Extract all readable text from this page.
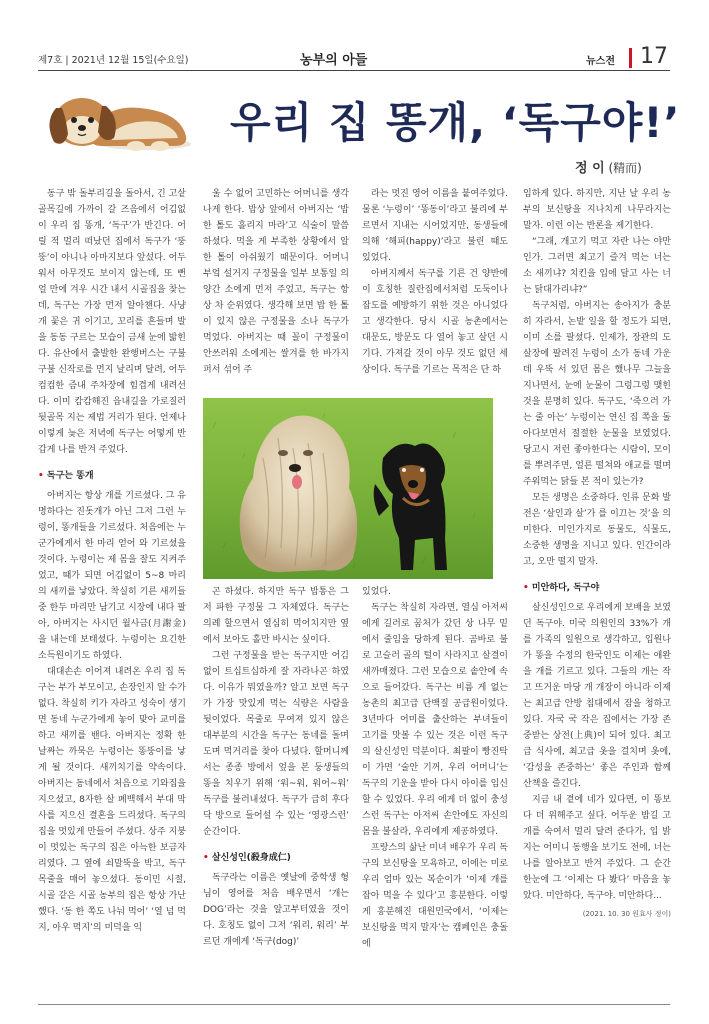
제7호 | 2021년 12월 15일(수요일)	농부의 아들	뉴스전 17
우리 집 똥개, ‘독구야!’
정 이 (精而)

동구 밖 돌부리길을 돌아서, 긴 고샅 골목길에 가까이 갈 즈음에서 어김없이 우리 집 똥개, ‘독구’가 반긴다. 어릴 적 멀리 떠났던 집에서 독구가 ‘뚱뚱’이 아니나 아마지보다 앞섰다. 어두워서 아무것도 보이지 않는데, 또 뻔 얼 만에 겨우 시간 내서 시골집을 찾는데, 독구는 가장 먼저 알아챈다. 사냥개 꽃은 귀 이기고, 꼬리를 흔들며 발을 동동 구르는 모습이 금새 눈에 밟힌다. 유산에서 출발한 완행버스는 구불구불 신작로를 먼지 날리며 달려, 어두컴컴한 즘내 주차장에 힘겹게 내려선다. 이미 캄캄해진 읍내길을 가로질러 뒷골목 지는 제법 거리가 된다. 언제나 이렇게 늦은 저녁에 독구는 어떻게 반갑게 나를 반겨 주었다.

• 독구는 똥개

아버지는 항상 개를 기르셨다. 그 유명하다는 진돗개가 아닌 그저 그런 누렁이, 똥개들을 기르셨다. 처음에는 누군가에게서 한 마리 얻어 와 기르셨을 것이다. 누렁이는 제 몸을 잘도 지켜주었고, 때가 되면 어김없이 5~8 마리의 새끼를 낳았다. 착실히 기른 새끼들 중 한두 마리만 남기고 시장에 내다 팔아, 아버지는 사시던 월사금(月謝金)을 내는데 보태셨다. 누렁이는 요긴한 소득원이기도 하였다.

대대손손 이어져 내려온 우리 집 독구는 부가 부모이고, 손장인지 알 수가 없다. 착실히 키가 자라고 성숙이 생기면 동네 누군가에게 놓이 맞아 교미를 하고 새끼를 밴다. 아버지는 정확 한 날짜는 까묵은 누렁이는 똥뚱이를 낳게 될 것이다. 새끼치기를 약속이다. 아버지는 동네에서 처음으로 기와집을 지으셨고, 8자한 살 폐백해서 부대 막사를 지으신 결혼을 드리셨다. 독구의 집을 멋있게 만들어 주셨다. 상주 지붕이 멋있는 독구의 집은 아늑한 보금자리였다. 그 옆에 쇠말뚝을 박고, 독구 목줄을 매어 놓으셨다. 동이민 시절, 시골 같은 시골 농부의 집은 항상 가난했다. ‘동 한 쪽도 나눠 먹어’ ‘열 넘 먹지, 아우 먹지’의 미덕을 익

울 수 없어 고민하는 어머니를 생각나게 한다. 밥상 앞에서 아버지는 ‘밥 한 톨도 흘리지 마라’고 식술이 말씀하셨다. 먹을 게 부족한 상황에서 알 한 톨이 아쉬웠기 때문이다. 어머니 부엌 설거지 구정물을 일부 보통일 의양간 소에게 먼저 주었고, 독구는 항상 차 순위였다. 생각해 보면 밥 한 톨이 있지 않은 구정물을 소나 독구가 먹었다. 아버지는 때 꼴이 구정물이 안쓰러워 소에게는 쌀겨를 한 바가지 퍼서 섞어 주

곤 하셨다. 하지만 독구 밥통은 그저 파한 구정물 그 자체였다. 독구는 의례 할으면서 열심히 먹어치지만 옆에서 보아도 홀만 바시는 싶이다.

그런 구정물을 받는 독구지만 어김없이 트십트십하게 잘 자라나곤 하였다. 이유가 뭐였을까? 알고 보면 독구가 가장 맛있게 먹는 식량은 사람을 뒷이었다. 목줄로 무여져 있지 않은 대부분의 시간을 독구는 동네를 돌며도며 먹거리를 찾아 다녔다. 할머니께서는 종종 방에서 엎을 본 둥생들의 똥을 치우기 위해 ‘워~워, 워어~워’ 독구를 불러내셨다. 독구가 급히 후다닥 방으로 들어설 수 있는 ‘영광스런’ 순간이다.

• 살신성인(殺身成仁)

독구라는 이름은 옛날에 중학생 형님이 영어를 처음 배우면서 ‘개는 DOG’라는 것을 알고부터였을 것이다. 호칭도 없이 그저 ‘워리, 워리’ 부르던 개에게 ‘독구(dog)’

라는 멋진 영어 이름을 붙여주었다. 물론 ‘누렁이’ ‘똥동이’라고 불리에 부르면서 지내는 시어었지만, 동생들에 의해 ‘해피(happy)’라고 불린 때도 있었다.

아버지께서 독구를 기른 건 양반에 이 호칭한 질란집에서처럼 도둑이나 잡도를 예방하기 위한 것은 아니었다고 생각한다. 당시 시골 농촌에서는 대문도, 방문도 다 열어 놓고 살던 시기다. 가져갈 것이 아무 것도 없던 세상이다. 독구를 기르는 목적은 단 하

있었다.

독구는 착실히 자라면, 열심 아저씨에게 길러로 꿈처가 갔던 상 나무 밑에서 줄임을 당하게 된다. 곰바로 불로 고슬러 골의 털이 사라지고 살결이 새까매졌다. 그런 모습으로 솥안에 속으로 들어갔다. 독구는 비름 게 없는 농촌의 최고급 단백질 공급원이었다. 3년마다 어미를 출산하는 부녀들이 고기를 맛볼 수 있는 것은 이런 독구의 살신성인 덕분이다. 최팔이 빵진탁이 가면 ‘술안 기꺼, 우리 어머니’는 독구의 기운을 받아 다시 아이를 임신할 수 있었다. 우리 에게 더 없이 충성스런 독구는 아저씨 손안에도 자신의 몸을 불살라, 우리에게 제공하였다.

프랑스의 삶난 미녀 배우가 우리 독구의 보신탕을 모욕하고, 이에는 미로 우리 엄마 있는 복순이가 ‘이제 개를 잡아 먹을 수 있다’고 흥분한다. 이렇게 흥분해진 대원민국에서, ‘이제는 보신탕을 먹지 말자’는 캠페인은 충돌에

임하게 있다. 하지만, 지난 날 우리 농부의 보신탕을 지나치게 나무라지는 말자. 이런 이는 반론을 제기한다.

“그래, 개고기 먹고 자란 나는 야만인가. 그러면 최고기 즐겨 먹는 너는 소 새끼냐? 치킨을 입에 달고 사는 너는 닭대가리냐?”

독구처럼, 아버지는 송아지가 충분히 자라서, 논밭 일을 할 정도가 되면, 이미 소를 팔셨다. 인제가, 장관의 도살장에 팔려진 누렁이 소가 동네 가운데 우뚝 서 있던 몸은 했나무 그늘을 지나면서, 눈에 눈물이 그렁그렁 맺힌 것을 분명히 있다. 독구도, ‘죽으러 가는 줄 아는’ 누렁이는 연신 집 쪽을 돌아다보면서 절절한 눈물을 보였었다. 당고시 저런 좋아한다는 시람이, 모이를 뿌려주면, 얼른 떨쳐와 애교를 떨며 주워먹는 닭들 본 적이 있는가?

모든 생명은 소중하다. 인류 문화 발전은 ‘살인과 살’가 를 이끄는 것’을 의미한다. 미인가지로 동물도, 식물도, 소중한 생명을 지니고 있다. 인간이라고, 오만 떨지 말자.

• 미안하다, 독구야

살신성인으로 우리에게 보배을 보였던 독구야. 미국 의원인의 33%가 개를 가족의 일원으로 생각하고, 입원나가 똥을 수정의 한국인도 이제는 애완을 개를 기르고 있다. 그들의 개는 작고 뜨거운 마당 개 개장이 아니라 이제는 최고급 안방 침대에서 잠을 청하고 있다. 자국 국 작은 집에서는 가장 존중받는 상전(上典)이 되어 있다. 최고급 식사에, 최고급 옷을 걸치며 옷에, ‘감성을 존중하는’ 좋은 주인과 함께 산책을 즐긴다.

지금 내 곁에 네가 있다면, 이 똥보다 더 위해주고 싶다. 어두운 밤길 고개를 숙여서 멀리 달려 준다가, 입 밝지는 어미니 동행을 보기도 전에, 너는 나를 알아보고 반겨 주었다. 그 순간 한눈에 그 ‘이제는 다 봤다’ 마음을 놓았다. 미안하다, 독구야. 미안하다...

(2021. 10. 30 원효사 정이)
